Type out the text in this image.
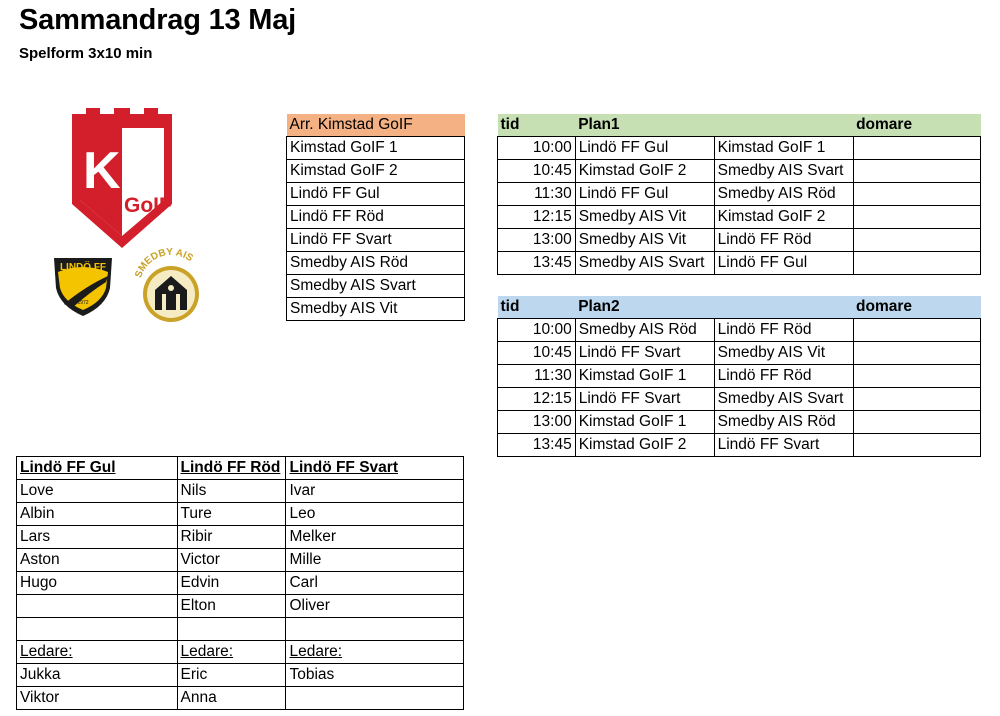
Sammandrag 13 Maj
Spelform 3x10 min
K
GoIF
LINDÖ FF
1972
SMEDBY AIS
Arr. Kimstad GoIF
Kimstad GoIF 1
Kimstad GoIF 2
Lindö FF Gul
Lindö FF Röd
Lindö FF Svart
Smedby AIS Röd
Smedby AIS Svart
Smedby AIS Vit
tid	Plan1		domare
10:00	Lindö FF Gul	Kimstad GoIF 1	
10:45	Kimstad GoIF 2	Smedby AIS Svart	
11:30	Lindö FF Gul	Smedby AIS Röd	
12:15	Smedby AIS Vit	Kimstad GoIF 2	
13:00	Smedby AIS Vit	Lindö FF Röd	
13:45	Smedby AIS Svart	Lindö FF Gul	
tid	Plan2		domare
10:00	Smedby AIS Röd	Lindö FF Röd	
10:45	Lindö FF Svart	Smedby AIS Vit	
11:30	Kimstad GoIF 1	Lindö FF Röd	
12:15	Lindö FF Svart	Smedby AIS Svart	
13:00	Kimstad GoIF 1	Smedby AIS Röd	
13:45	Kimstad GoIF 2	Lindö FF Svart	
Lindö FF Gul	Lindö FF Röd	Lindö FF Svart
Love	Nils	Ivar
Albin	Ture	Leo
Lars	Ribir	Melker
Aston	Victor	Mille
Hugo	Edvin	Carl
	Elton	Oliver

Ledare:	Ledare:	Ledare:
Jukka	Eric	Tobias
Viktor	Anna	
